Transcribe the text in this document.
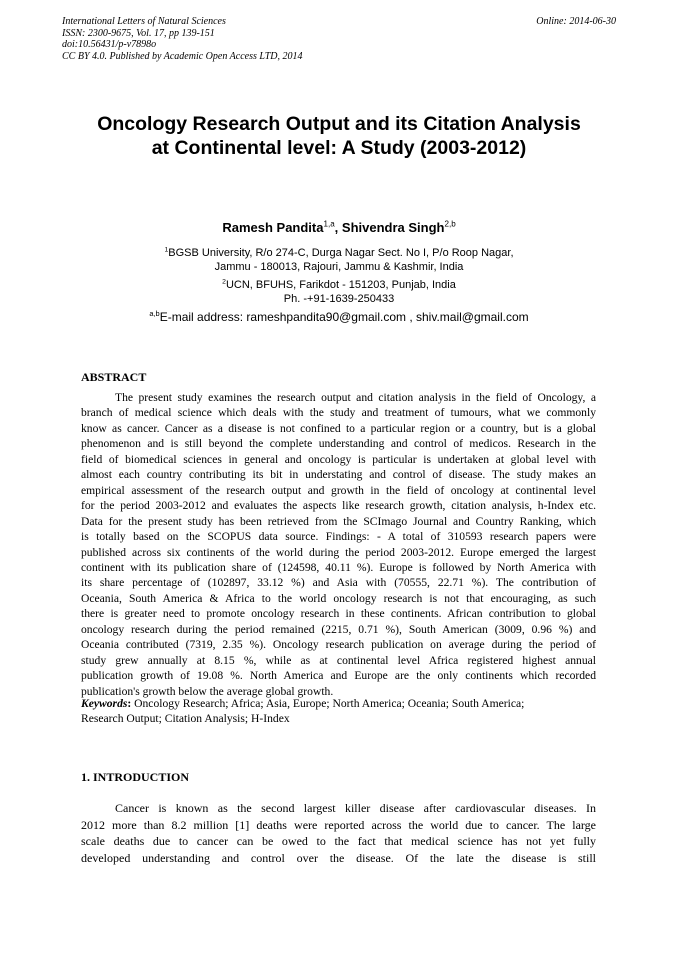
International Letters of Natural Sciences
ISSN: 2300-9675, Vol. 17, pp 139-151
doi:10.56431/p-v7898o
CC BY 4.0. Published by Academic Open Access LTD, 2014
Online: 2014-06-30
Oncology Research Output and its Citation Analysis
at Continental level: A Study (2003-2012)
Ramesh Pandita$^{1,a}$, Shivendra Singh$^{2,b}$
$^1$BGSB University, R/o 274-C, Durga Nagar Sect. No I, P/o Roop Nagar,
Jammu - 180013, Rajouri, Jammu & Kashmir, India
$^2$UCN, BFUHS, Farikdot - 151203, Punjab, India
Ph. -+91-1639-250433
$^{a,b}$E-mail address: rameshpandita90@gmail.com , shiv.mail@gmail.com
ABSTRACT
The present study examines the research output and citation analysis in the field of Oncology, a
branch of medical science which deals with the study and treatment of tumours, what we commonly
know as cancer. Cancer as a disease is not confined to a particular region or a country, but is a global
phenomenon and is still beyond the complete understanding and control of medicos. Research in the
field of biomedical sciences in general and oncology is particular is undertaken at global level with
almost each country contributing its bit in understating and control of disease. The study makes an
empirical assessment of the research output and growth in the field of oncology at continental level
for the period 2003-2012 and evaluates the aspects like research growth, citation analysis, h-Index etc.
Data for the present study has been retrieved from the SCImago Journal and Country Ranking, which
is totally based on the SCOPUS data source. Findings: - A total of 310593 research papers were
published across six continents of the world during the period 2003-2012. Europe emerged the largest
continent with its publication share of (124598, 40.11 %). Europe is followed by North America with
its share percentage of (102897, 33.12 %) and Asia with (70555, 22.71 %). The contribution of
Oceania, South America & Africa to the world oncology research is not that encouraging, as such
there is greater need to promote oncology research in these continents. African contribution to global
oncology research during the period remained (2215, 0.71 %), South American (3009, 0.96 %) and
Oceania contributed (7319, 2.35 %). Oncology research publication on average during the period of
study grew annually at 8.15 %, while as at continental level Africa registered highest annual
publication growth of 19.08 %. North America and Europe are the only continents which recorded
publication's growth below the average global growth.
Keywords: Oncology Research; Africa; Asia, Europe; North America; Oceania; South America;
Research Output; Citation Analysis; H-Index
1. INTRODUCTION
Cancer is known as the second largest killer disease after cardiovascular diseases. In
2012 more than 8.2 million [1] deaths were reported across the world due to cancer. The large
scale deaths due to cancer can be owed to the fact that medical science has not yet fully
developed understanding and control over the disease. Of the late the disease is still
